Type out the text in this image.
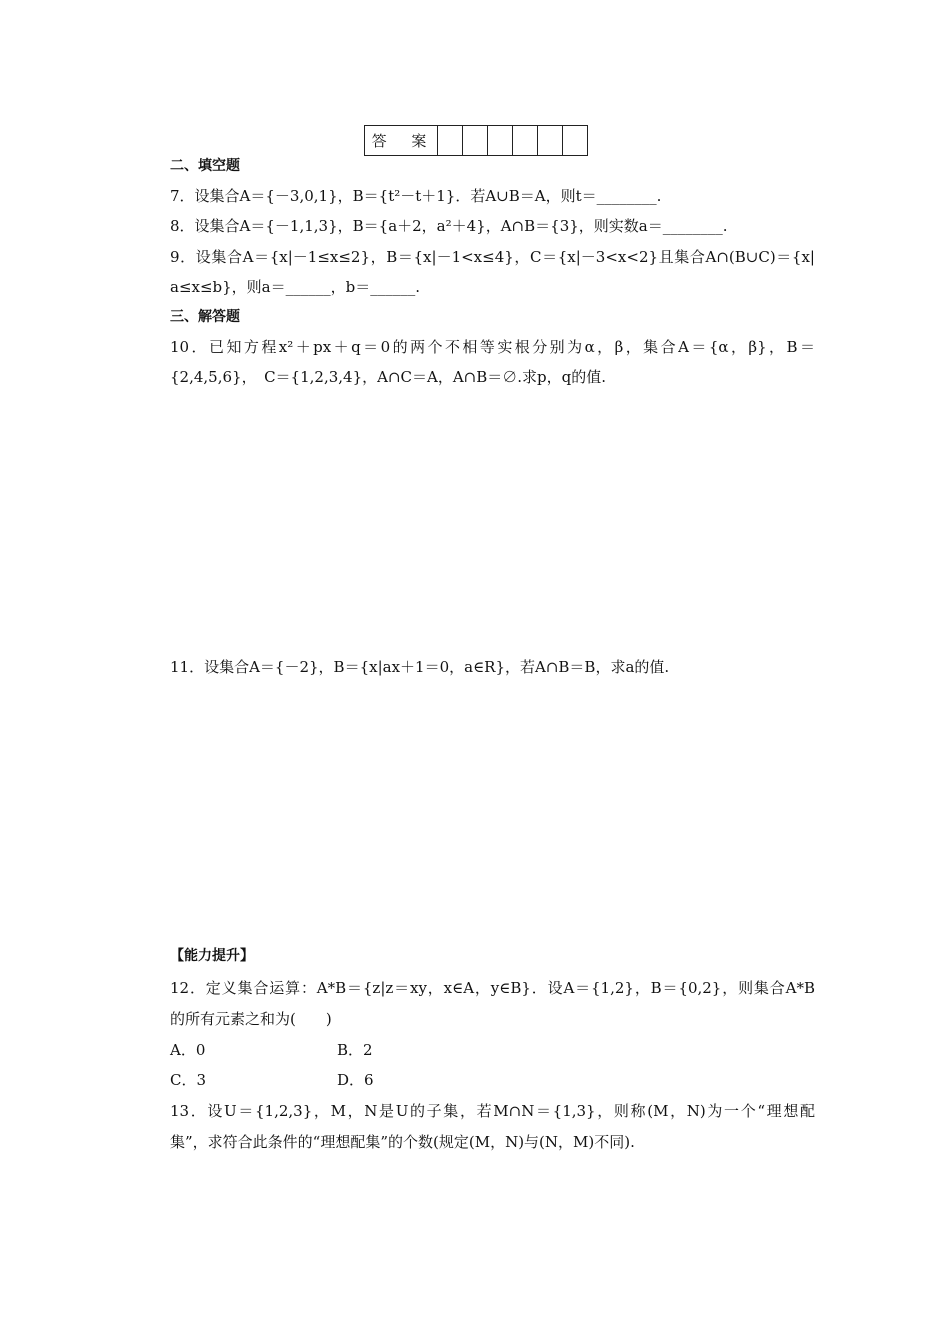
答 案						
二、填空题
7．设集合A＝{－3,0,1}，B＝{t²－t＋1}．若A∪B＝A，则t＝________.
8．设集合A＝{－1,1,3}，B＝{a＋2，a²＋4}，A∩B＝{3}，则实数a＝________.
9．设集合A＝{x|－1≤x≤2}，B＝{x|－1<x≤4}，C＝{x|－3<x<2}且集合A∩(B∪C)＝{x|
a≤x≤b}，则a＝______，b＝______.
三、解答题
10．已知方程x²＋px＋q＝0的两个不相等实根分别为α，β，集合A＝{α，β}，B＝
{2,4,5,6}，　C＝{1,2,3,4}，A∩C＝A，A∩B＝∅.求p，q的值.
11．设集合A＝{－2}，B＝{x|ax＋1＝0，a∈R}，若A∩B＝B，求a的值.
【能力提升】
12．定义集合运算：A*B＝{z|z＝xy，x∈A，y∈B}．设A＝{1,2}，B＝{0,2}，则集合A*B
的所有元素之和为(　　)
A．0	B．2
C．3	D．6
13．设U＝{1,2,3}，M，N是U的子集，若M∩N＝{1,3}，则称(M，N)为一个“理想配
集”，求符合此条件的“理想配集”的个数(规定(M，N)与(N，M)不同).
